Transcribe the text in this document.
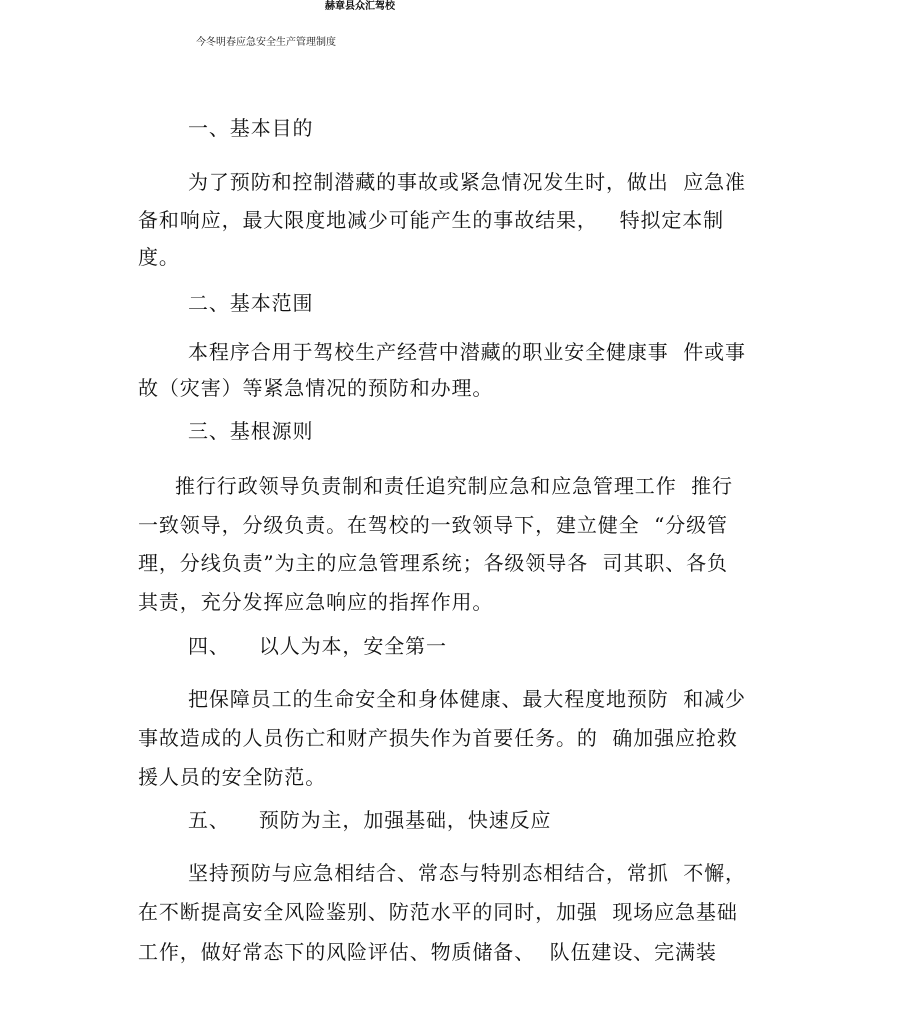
赫章县众汇驾校
今冬明春应急安全生产管理制度
一、基本目的
为了预防和控制潜藏的事故或紧急情况发生时，做出  应急准
备和响应，最大限度地减少可能产生的事故结果，   特拟定本制
度。
二、基本范围
本程序合用于驾校生产经营中潜藏的职业安全健康事  件或事
故（灾害）等紧急情况的预防和办理。
三、基根源则
推行行政领导负责制和责任追究制应急和应急管理工作  推行
一致领导，分级负责。在驾校的一致领导下，建立健全  “分级管
理，分线负责”为主的应急管理系统；各级领导各  司其职、各负
其责，充分发挥应急响应的指挥作用。
四、    以人为本，安全第一
把保障员工的生命安全和身体健康、最大程度地预防  和减少
事故造成的人员伤亡和财产损失作为首要任务。的  确加强应抢救
援人员的安全防范。
五、    预防为主，加强基础，快速反应
坚持预防与应急相结合、常态与特别态相结合，常抓  不懈，
在不断提高安全风险鉴别、防范水平的同时，加强  现场应急基础
工作，做好常态下的风险评估、物质储备、  队伍建设、完满装
